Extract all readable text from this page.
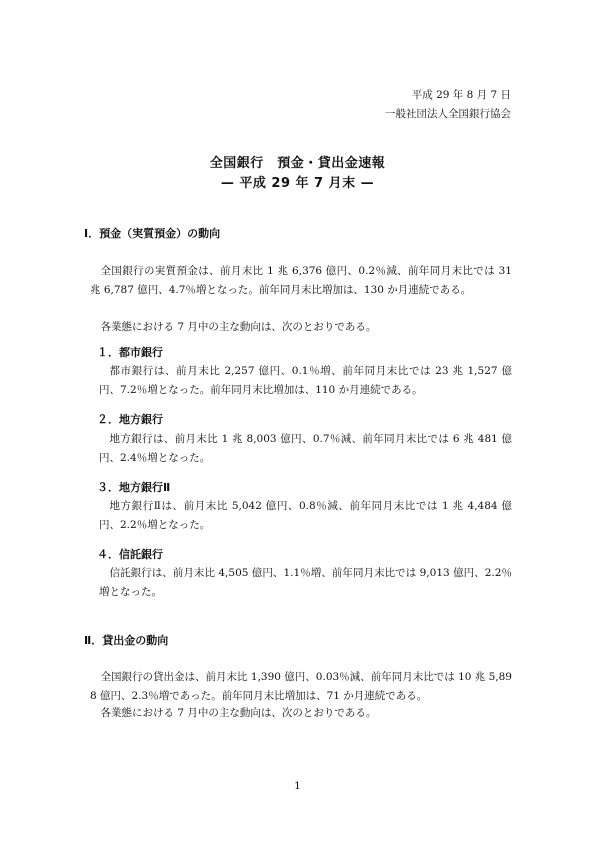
平成 29 年 8 月 7 日

一般社団法人全国銀行協会

全国銀行　預金・貸出金速報

— 平成 29 年 7 月末 —

Ⅰ．預金（実質預金）の動向

全国銀行の実質預金は、前月末比 1 兆 6,376 億円、0.2％減、前年同月末比では 31 兆 6,787 億円、4.7％増となった。前年同月末比増加は、130 か月連続である。

各業態における 7 月中の主な動向は、次のとおりである。

１．都市銀行

都市銀行は、前月末比 2,257 億円、0.1％増、前年同月末比では 23 兆 1,527 億円、7.2％増となった。前年同月末比増加は、110 か月連続である。

２．地方銀行

地方銀行は、前月末比 1 兆 8,003 億円、0.7％減、前年同月末比では 6 兆 481 億円、2.4％増となった。

３．地方銀行Ⅱ

地方銀行Ⅱは、前月末比 5,042 億円、0.8％減、前年同月末比では 1 兆 4,484 億円、2.2％増となった。

４．信託銀行

信託銀行は、前月末比 4,505 億円、1.1％増、前年同月末比では 9,013 億円、2.2％増となった。

Ⅱ．貸出金の動向

全国銀行の貸出金は、前月末比 1,390 億円、0.03％減、前年同月末比では 10 兆 5,898 億円、2.3％増であった。前年同月末比増加は、71 か月連続である。

各業態における 7 月中の主な動向は、次のとおりである。

1
